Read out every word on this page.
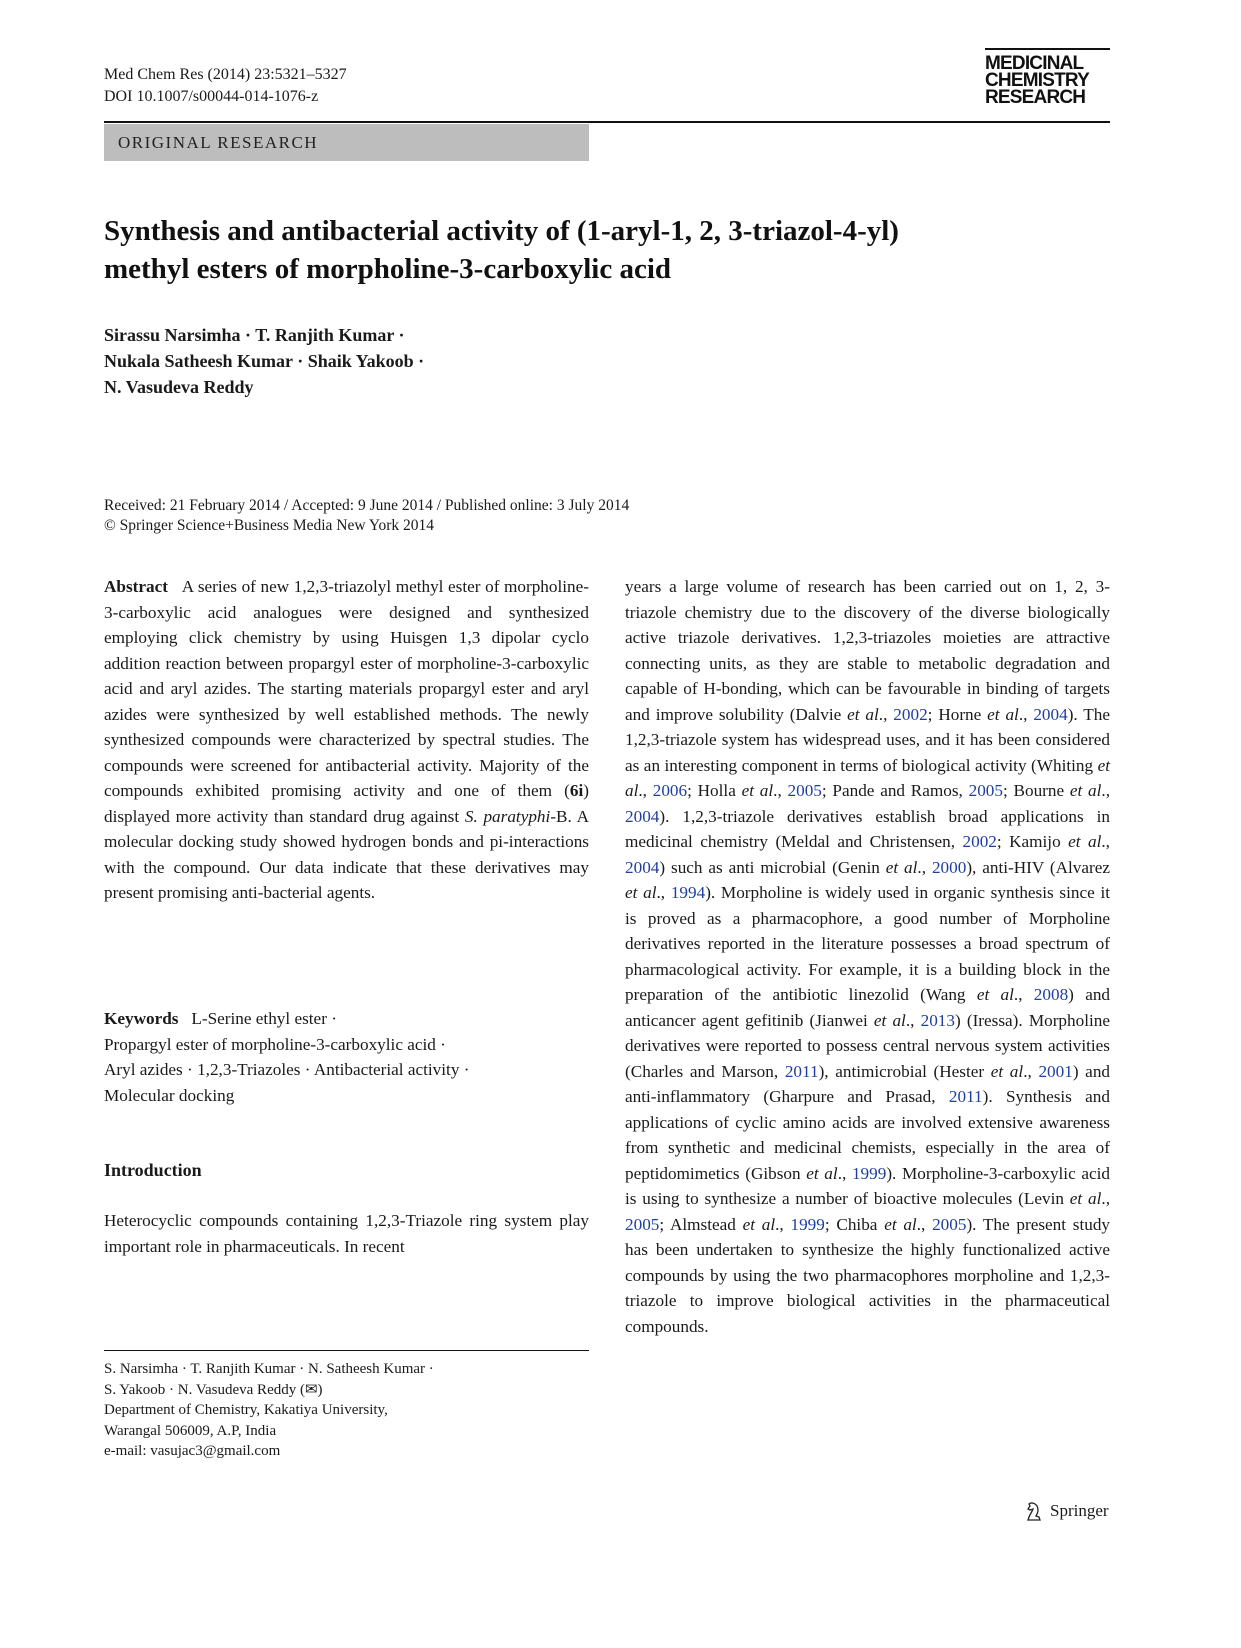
Med Chem Res (2014) 23:5321–5327
DOI 10.1007/s00044-014-1076-z
MEDICINAL
CHEMISTRY
RESEARCH
ORIGINAL RESEARCH
Synthesis and antibacterial activity of (1-aryl-1, 2, 3-triazol-4-yl)
methyl esters of morpholine-3-carboxylic acid
Sirassu Narsimha · T. Ranjith Kumar ·
Nukala Satheesh Kumar · Shaik Yakoob ·
N. Vasudeva Reddy
Received: 21 February 2014 / Accepted: 9 June 2014 / Published online: 3 July 2014
© Springer Science+Business Media New York 2014

Abstract A series of new 1,2,3-triazolyl methyl ester of morpholine-3-carboxylic acid analogues were designed and synthesized employing click chemistry by using Huisgen 1,3 dipolar cyclo addition reaction between propargyl ester of morpholine-3-carboxylic acid and aryl azides. The starting materials propargyl ester and aryl azides were synthesized by well established methods. The newly synthesized compounds were characterized by spectral studies. The compounds were screened for antibacterial activity. Majority of the compounds exhibited promising activity and one of them (6i) displayed more activity than standard drug against S. paratyphi-B. A molecular docking study showed hydrogen bonds and pi-interactions with the compound. Our data indicate that these derivatives may present promising anti-bacterial agents.

Keywords L-Serine ethyl ester ·
Propargyl ester of morpholine-3-carboxylic acid ·
Aryl azides · 1,2,3-Triazoles · Antibacterial activity ·
Molecular docking
Introduction
Heterocyclic compounds containing 1,2,3-Triazole ring system play important role in pharmaceuticals. In recent
S. Narsimha · T. Ranjith Kumar · N. Satheesh Kumar ·
S. Yakoob · N. Vasudeva Reddy (✉)
Department of Chemistry, Kakatiya University,
Warangal 506009, A.P, India
e-mail: vasujac3@gmail.com

years a large volume of research has been carried out on 1, 2, 3-triazole chemistry due to the discovery of the diverse biologically active triazole derivatives. 1,2,3-triazoles moieties are attractive connecting units, as they are stable to metabolic degradation and capable of H-bonding, which can be favourable in binding of targets and improve solubility (Dalvie et al., 2002; Horne et al., 2004). The 1,2,3-triazole system has widespread uses, and it has been considered as an interesting component in terms of biological activity (Whiting et al., 2006; Holla et al., 2005; Pande and Ramos, 2005; Bourne et al., 2004). 1,2,3-triazole derivatives establish broad applications in medicinal chemistry (Meldal and Christensen, 2002; Kamijo et al., 2004) such as anti microbial (Genin et al., 2000), anti-HIV (Alvarez et al., 1994). Morpholine is widely used in organic synthesis since it is proved as a pharmacophore, a good number of Morpholine derivatives reported in the literature possesses a broad spectrum of pharmacological activity. For example, it is a building block in the preparation of the antibiotic linezolid (Wang et al., 2008) and anticancer agent gefitinib (Jianwei et al., 2013) (Iressa). Morpholine derivatives were reported to possess central nervous system activities (Charles and Marson, 2011), antimicrobial (Hester et al., 2001) and anti-inflammatory (Gharpure and Prasad, 2011). Synthesis and applications of cyclic amino acids are involved extensive awareness from synthetic and medicinal chemists, especially in the area of peptidomimetics (Gibson et al., 1999). Morpholine-3-carboxylic acid is using to synthesize a number of bioactive molecules (Levin et al., 2005; Almstead et al., 1999; Chiba et al., 2005). The present study has been undertaken to synthesize the highly functionalized active compounds by using the two pharmacophores morpholine and 1,2,3-triazole to improve biological activities in the pharmaceutical compounds.

Springer
